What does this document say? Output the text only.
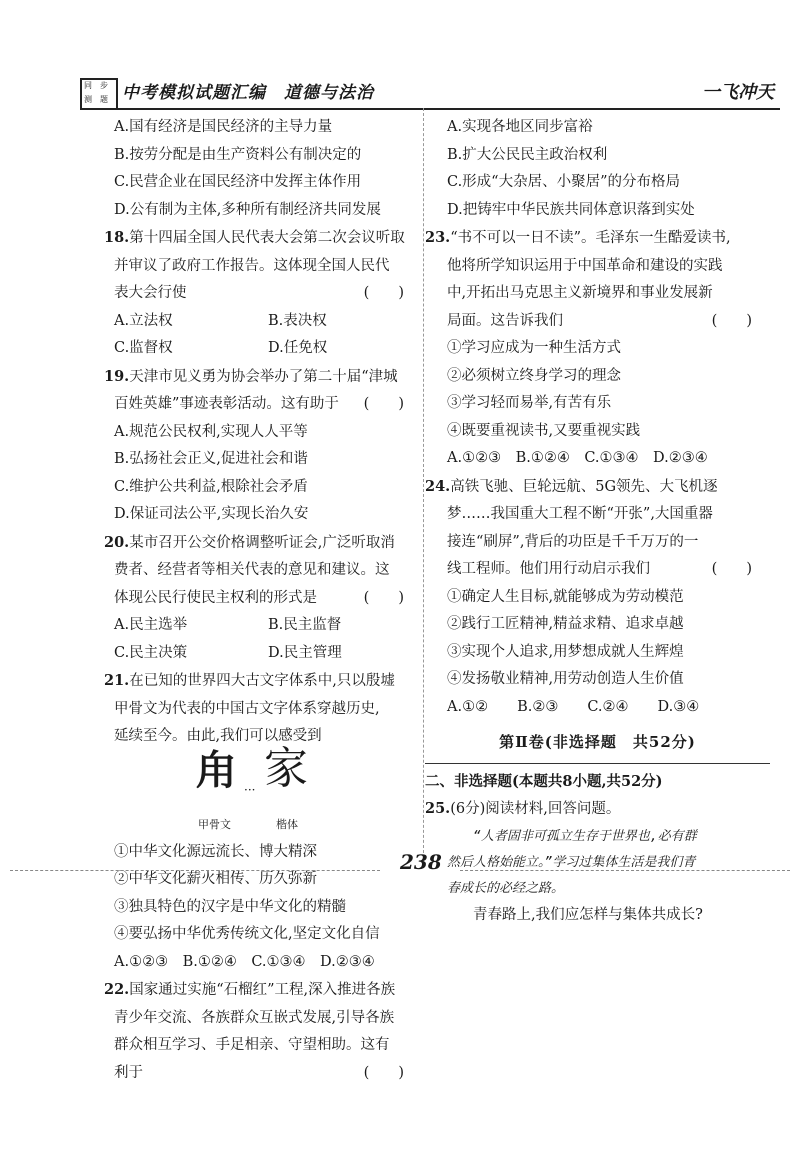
同 步
测 题 中考模拟试题汇编　道德与法治	一飞冲天
A.国有经济是国民经济的主导力量
B.按劳分配是由生产资料公有制决定的
C.民营企业在国民经济中发挥主体作用
D.公有制为主体,多种所有制经济共同发展
18.第十四届全国人民代表大会第二次会议听取
并审议了政府工作报告。这体现全国人民代
表大会行使	(　　)
A.立法权	B.表决权
C.监督权	D.任免权
19.天津市见义勇为协会举办了第二十届“津城
百姓英雄”事迹表彰活动。这有助于 (　　)
A.规范公民权利,实现人人平等
B.弘扬社会正义,促进社会和谐
C.维护公共利益,根除社会矛盾
D.保证司法公平,实现长治久安
20.某市召开公交价格调整听证会,广泛听取消
费者、经营者等相关代表的意见和建议。这
体现公民行使民主权利的形式是	(　　)
A.民主选举	B.民主监督
C.民主决策	D.民主管理
21.在已知的世界四大古文字体系中,只以殷墟
甲骨文为代表的中国古文字体系穿越历史,
延续至今。由此,我们可以感受到
甪 ··· 家
甲骨文	楷体
①中华文化源远流长、博大精深
②中华文化薪火相传、历久弥新
③独具特色的汉字是中华文化的精髓
④要弘扬中华优秀传统文化,坚定文化自信
A.①②③　B.①②④　C.①③④　D.②③④
22.国家通过实施“石榴红”工程,深入推进各族
青少年交流、各族群众互嵌式发展,引导各族
群众相互学习、手足相亲、守望相助。这有
利于	(　　)
A.实现各地区同步富裕
B.扩大公民民主政治权利
C.形成“大杂居、小聚居”的分布格局
D.把铸牢中华民族共同体意识落到实处
23.“书不可以一日不读”。毛泽东一生酷爱读书,
他将所学知识运用于中国革命和建设的实践
中,开拓出马克思主义新境界和事业发展新
局面。这告诉我们	(　　)
①学习应成为一种生活方式
②必须树立终身学习的理念
③学习轻而易举,有苦有乐
④既要重视读书,又要重视实践
A.①②③　B.①②④　C.①③④　D.②③④
24.高铁飞驰、巨轮远航、5G领先、大飞机逐
梦……我国重大工程不断“开张”,大国重器
接连“刷屏”,背后的功臣是千千万万的一
线工程师。他们用行动启示我们	(　　)
①确定人生目标,就能够成为劳动模范
②践行工匠精神,精益求精、追求卓越
③实现个人追求,用梦想成就人生辉煌
④发扬敬业精神,用劳动创造人生价值
A.①②　　B.②③　　C.②④　　D.③④
第Ⅱ卷(非选择题　共52分)
二、非选择题(本题共8小题,共52分)
25.(6分)阅读材料,回答问题。
“人者固非可孤立生存于世界也,必有群
然后人格始能立。”学习过集体生活是我们青
春成长的必经之路。
青春路上,我们应怎样与集体共成长?
238
